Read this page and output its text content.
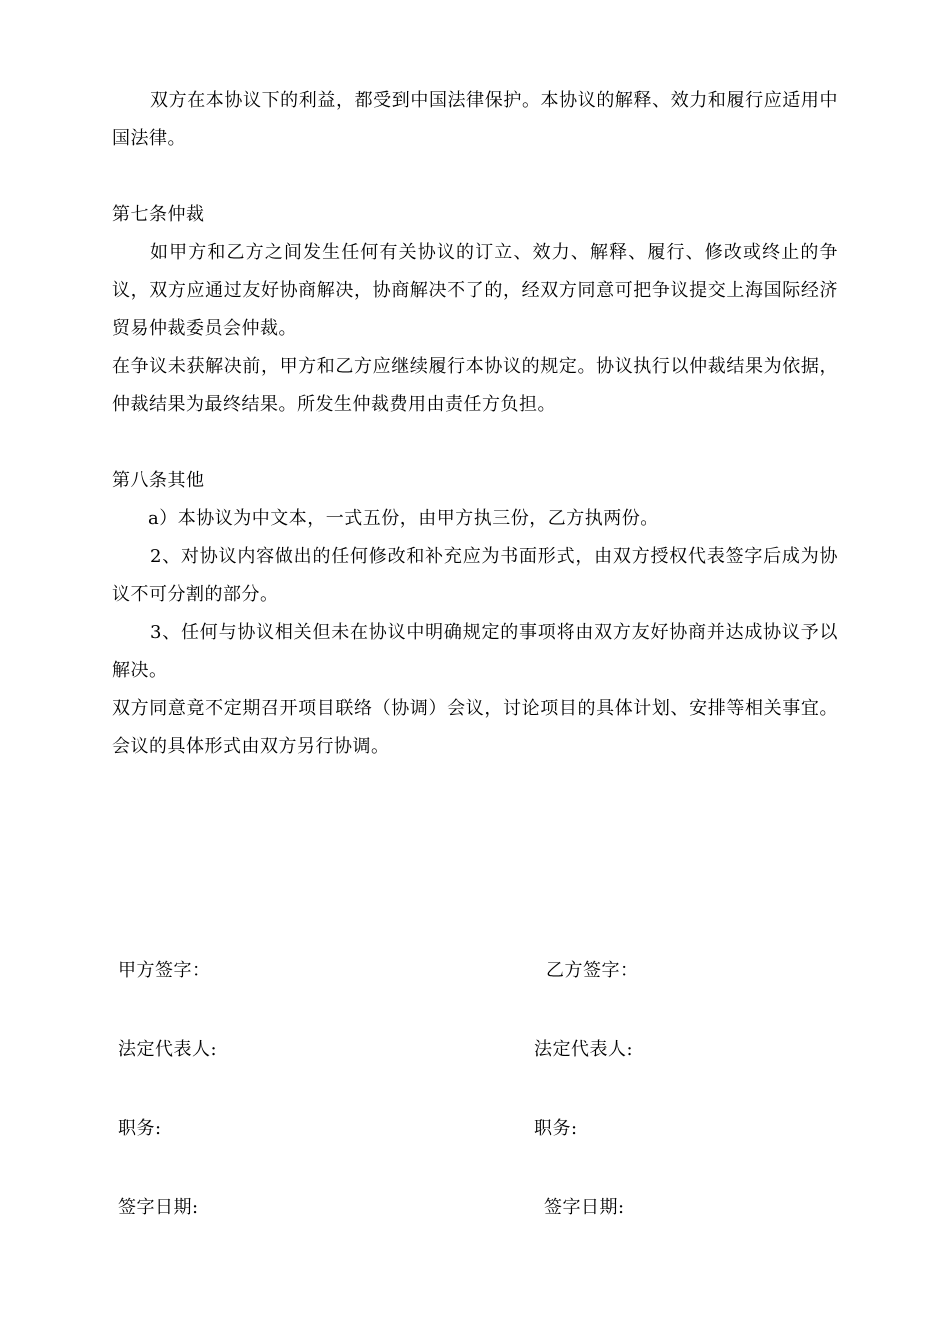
双方在本协议下的利益，都受到中国法律保护。本协议的解释、效力和履行应适用中国法律。

第七条仲裁

如甲方和乙方之间发生任何有关协议的订立、效力、解释、履行、修改或终止的争议，双方应通过友好协商解决，协商解决不了的，经双方同意可把争议提交上海国际经济贸易仲裁委员会仲裁。

在争议未获解决前，甲方和乙方应继续履行本协议的规定。协议执行以仲裁结果为依据，仲裁结果为最终结果。所发生仲裁费用由责任方负担。

第八条其他

a）本协议为中文本，一式五份，由甲方执三份，乙方执两份。

2、对协议内容做出的任何修改和补充应为书面形式，由双方授权代表签字后成为协议不可分割的部分。

3、任何与协议相关但未在协议中明确规定的事项将由双方友好协商并达成协议予以解决。

双方同意竟不定期召开项目联络（协调）会议，讨论项目的具体计划、安排等相关事宜。会议的具体形式由双方另行协调。

甲方签字：	乙方签字：
法定代表人:	法定代表人:
职务:	职务:
签字日期:	签字日期:
